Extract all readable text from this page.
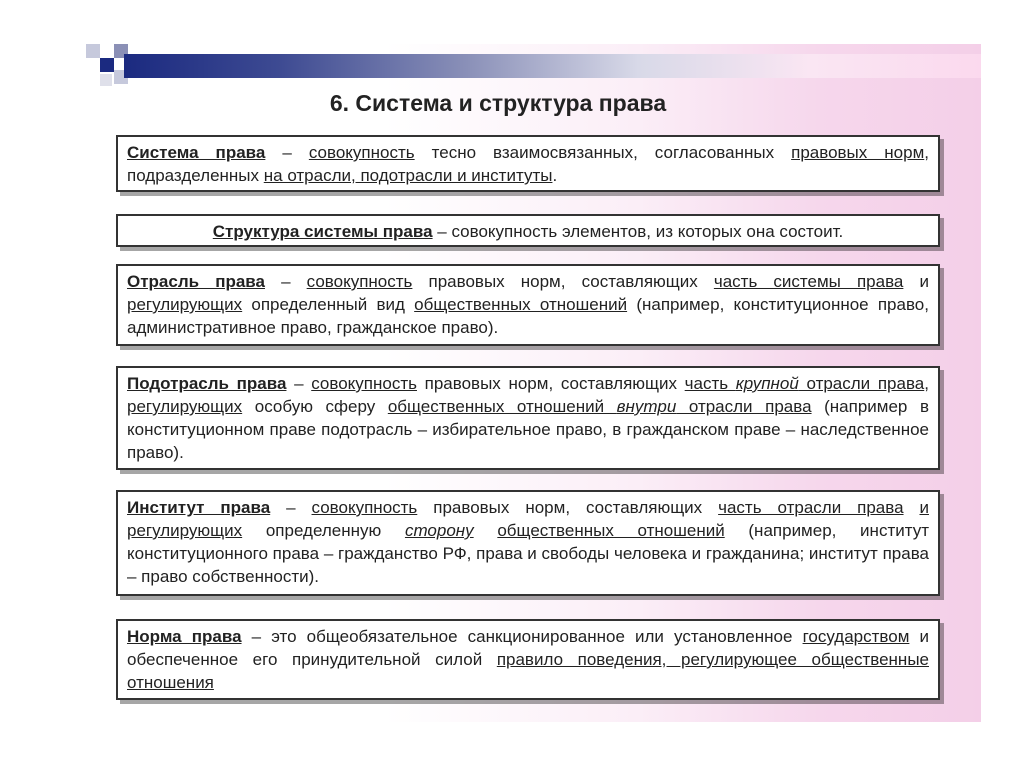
6. Система и структура права

Система права – совокупность тесно взаимосвязанных, согласованных правовых норм, подразделенных на отрасли, подотрасли и институты.

Структура системы права – совокупность элементов, из которых она состоит.

Отрасль права – совокупность правовых норм, составляющих часть системы права и регулирующих определенный вид общественных отношений (например, конституционное право, административное право, гражданское право).

Подотрасль права – совокупность правовых норм, составляющих часть крупной отрасли права, регулирующих особую сферу общественных отношений внутри отрасли права (например в конституционном праве подотрасль – избирательное право, в гражданском праве – наследственное право).

Институт права – совокупность правовых норм, составляющих часть отрасли права и регулирующих определенную сторону общественных отношений (например, институт конституционного права – гражданство РФ, права и свободы человека и гражданина; институт права – право собственности).

Норма права – это общеобязательное санкционированное или установленное государством и обеспеченное его принудительной силой правило поведения, регулирующее общественные отношения
